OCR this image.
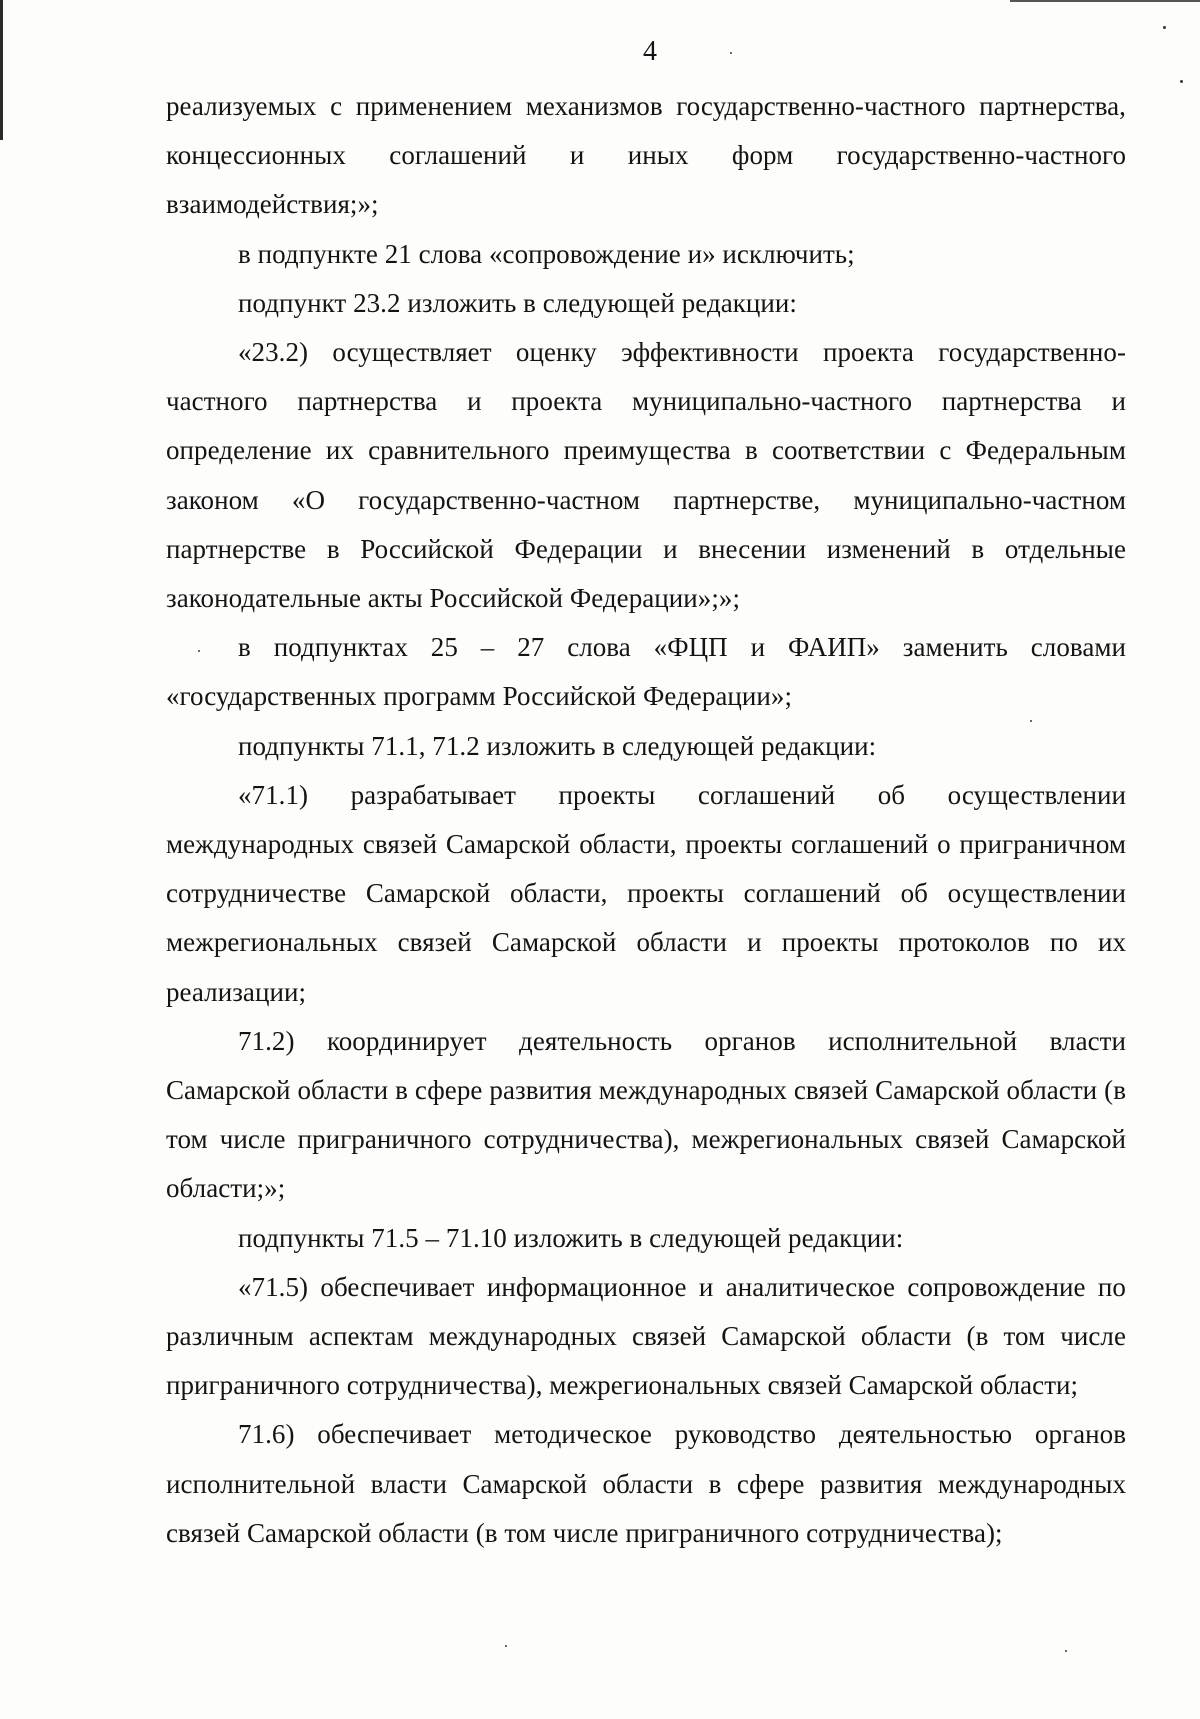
4

реализуемых с применением механизмов государственно-частного партнерства, концессионных соглашений и иных форм государственно-частного взаимодействия;»;

в подпункте 21 слова «сопровождение и» исключить;

подпункт 23.2 изложить в следующей редакции:

«23.2) осуществляет оценку эффективности проекта государственно-частного партнерства и проекта муниципально-частного партнерства и определение их сравнительного преимущества в соответствии с Федеральным законом «О государственно-частном партнерстве, муниципально-частном партнерстве в Российской Федерации и внесении изменений в отдельные законодательные акты Российской Федерации»;»;

в подпунктах 25 – 27 слова «ФЦП и ФАИП» заменить словами «государственных программ Российской Федерации»;

подпункты 71.1, 71.2 изложить в следующей редакции:

«71.1) разрабатывает проекты соглашений об осуществлении международных связей Самарской области, проекты соглашений о приграничном сотрудничестве Самарской области, проекты соглашений об осуществлении межрегиональных связей Самарской области и проекты протоколов по их реализации;

71.2) координирует деятельность органов исполнительной власти Самарской области в сфере развития международных связей Самарской области (в том числе приграничного сотрудничества), межрегиональных связей Самарской области;»;

подпункты 71.5 – 71.10 изложить в следующей редакции:

«71.5) обеспечивает информационное и аналитическое сопровождение по различным аспектам международных связей Самарской области (в том числе приграничного сотрудничества), межрегиональных связей Самарской области;

71.6) обеспечивает методическое руководство деятельностью органов исполнительной власти Самарской области в сфере развития международных связей Самарской области (в том числе приграничного сотрудничества);
